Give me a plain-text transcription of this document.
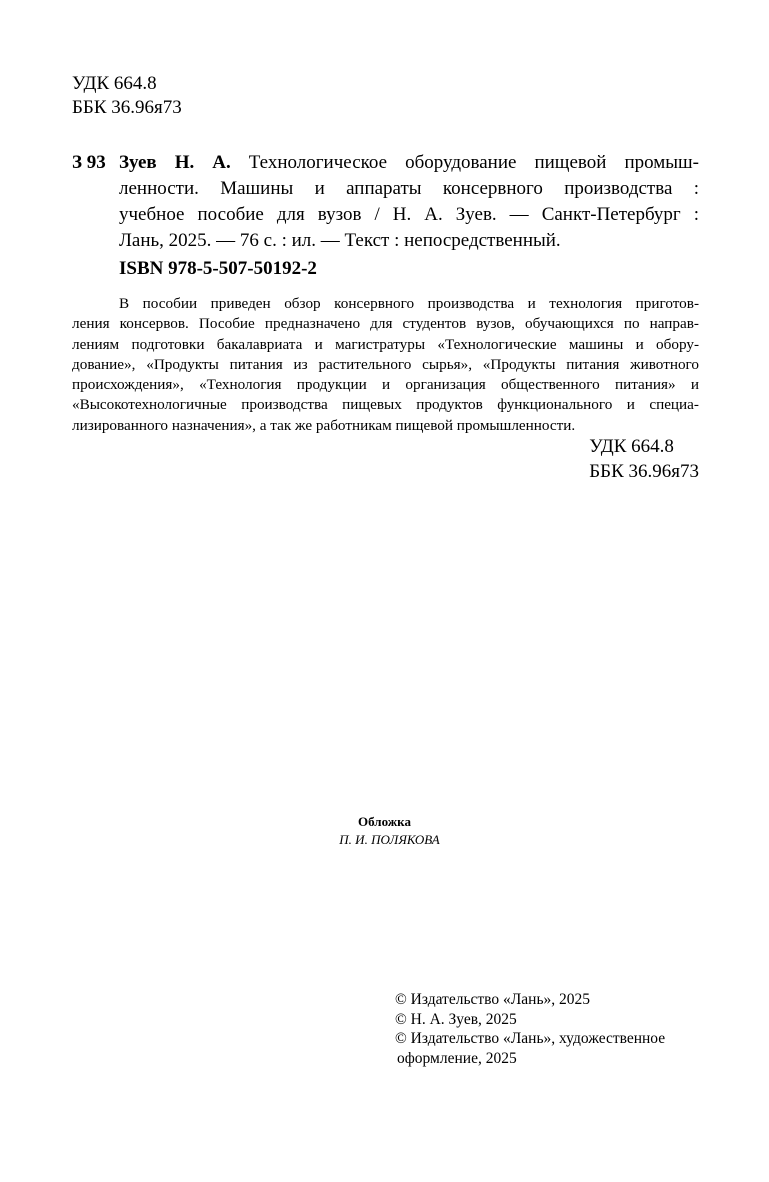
УДК 664.8
ББК 36.96я73
З 93 Зуев Н. А. Технологическое оборудование пищевой промыш-
ленности. Машины и аппараты консервного производства :
учебное пособие для вузов / Н. А. Зуев. — Санкт-Петербург :
Лань, 2025. — 76 с. : ил. — Текст : непосредственный.
ISBN 978-5-507-50192-2
В пособии приведен обзор консервного производства и технология приготов-
ления консервов. Пособие предназначено для студентов вузов, обучающихся по направ-
лениям подготовки бакалавриата и магистратуры «Технологические машины и обору-
дование», «Продукты питания из растительного сырья», «Продукты питания животного
происхождения», «Технология продукции и организация общественного питания» и
«Высокотехнологичные производства пищевых продуктов функционального и специа-
лизированного назначения», а так же работникам пищевой промышленности.
УДК 664.8
ББК 36.96я73
Обложка
П. И. ПОЛЯКОВА
© Издательство «Лань», 2025
© Н. А. Зуев, 2025
© Издательство «Лань», художественное
оформление, 2025
